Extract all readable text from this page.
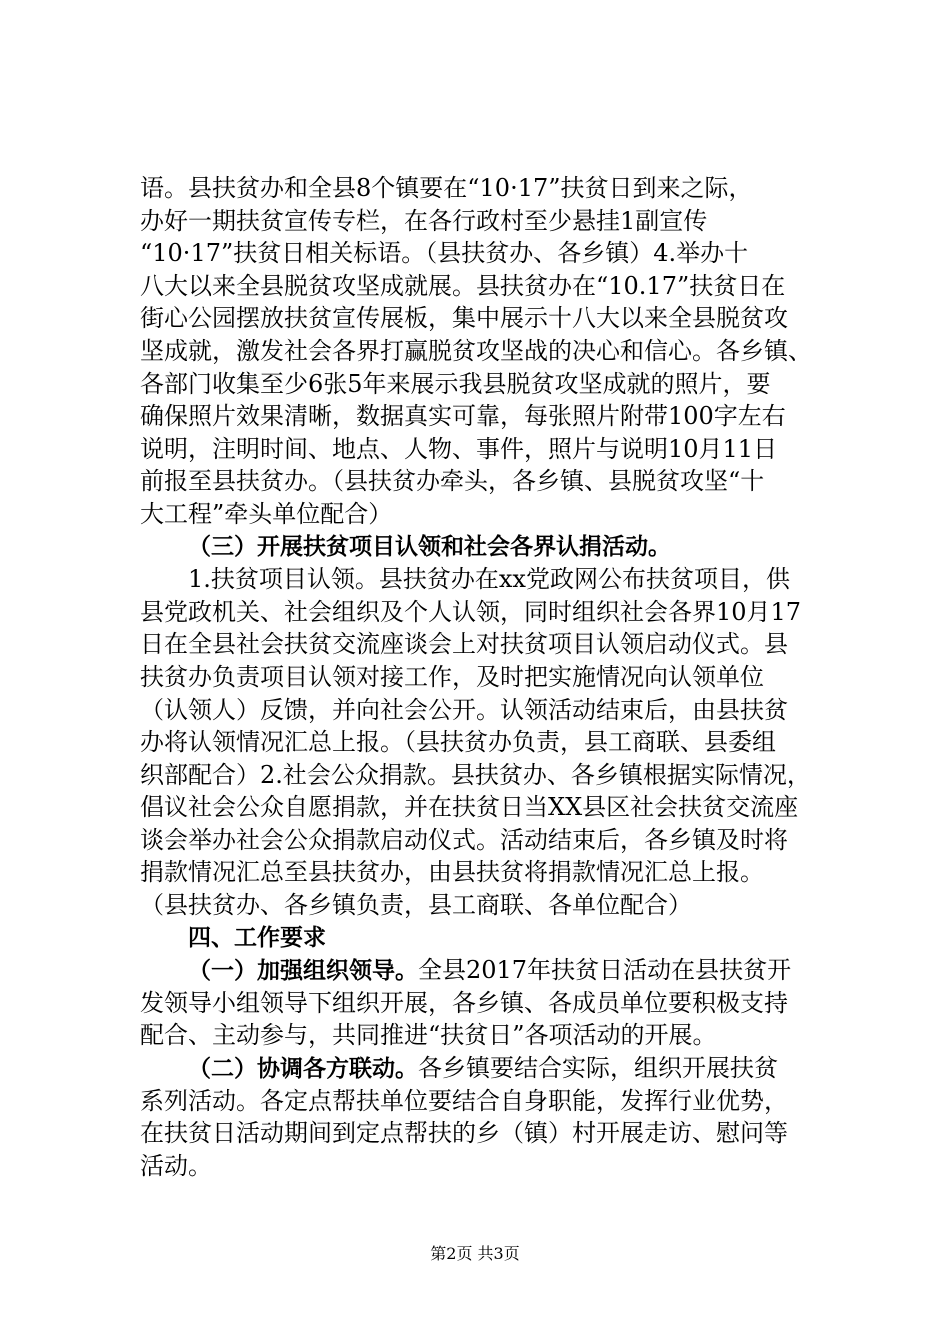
语。县扶贫办和全县8个镇要在“10·17”扶贫日到来之际，
办好一期扶贫宣传专栏，在各行政村至少悬挂1副宣传
“10·17”扶贫日相关标语。（县扶贫办、各乡镇）4.举办十
八大以来全县脱贫攻坚成就展。县扶贫办在“10.17”扶贫日在
街心公园摆放扶贫宣传展板，集中展示十八大以来全县脱贫攻
坚成就，激发社会各界打赢脱贫攻坚战的决心和信心。各乡镇、
各部门收集至少6张5年来展示我县脱贫攻坚成就的照片，要
确保照片效果清晰，数据真实可靠，每张照片附带100字左右
说明，注明时间、地点、人物、事件，照片与说明10月11日
前报至县扶贫办。（县扶贫办牵头，各乡镇、县脱贫攻坚“十
大工程”牵头单位配合）
（三）开展扶贫项目认领和社会各界认捐活动。
1.扶贫项目认领。县扶贫办在xx党政网公布扶贫项目，供
县党政机关、社会组织及个人认领，同时组织社会各界10月17
日在全县社会扶贫交流座谈会上对扶贫项目认领启动仪式。县
扶贫办负责项目认领对接工作，及时把实施情况向认领单位
（认领人）反馈，并向社会公开。认领活动结束后，由县扶贫
办将认领情况汇总上报。（县扶贫办负责，县工商联、县委组
织部配合）2.社会公众捐款。县扶贫办、各乡镇根据实际情况，
倡议社会公众自愿捐款，并在扶贫日当XX县区社会扶贫交流座
谈会举办社会公众捐款启动仪式。活动结束后，各乡镇及时将
捐款情况汇总至县扶贫办，由县扶贫将捐款情况汇总上报。
（县扶贫办、各乡镇负责，县工商联、各单位配合）
四、工作要求
（一）加强组织领导。全县2017年扶贫日活动在县扶贫开
发领导小组领导下组织开展，各乡镇、各成员单位要积极支持
配合、主动参与，共同推进“扶贫日”各项活动的开展。
（二）协调各方联动。各乡镇要结合实际，组织开展扶贫
系列活动。各定点帮扶单位要结合自身职能，发挥行业优势，
在扶贫日活动期间到定点帮扶的乡（镇）村开展走访、慰问等
活动。
第2页 共3页
